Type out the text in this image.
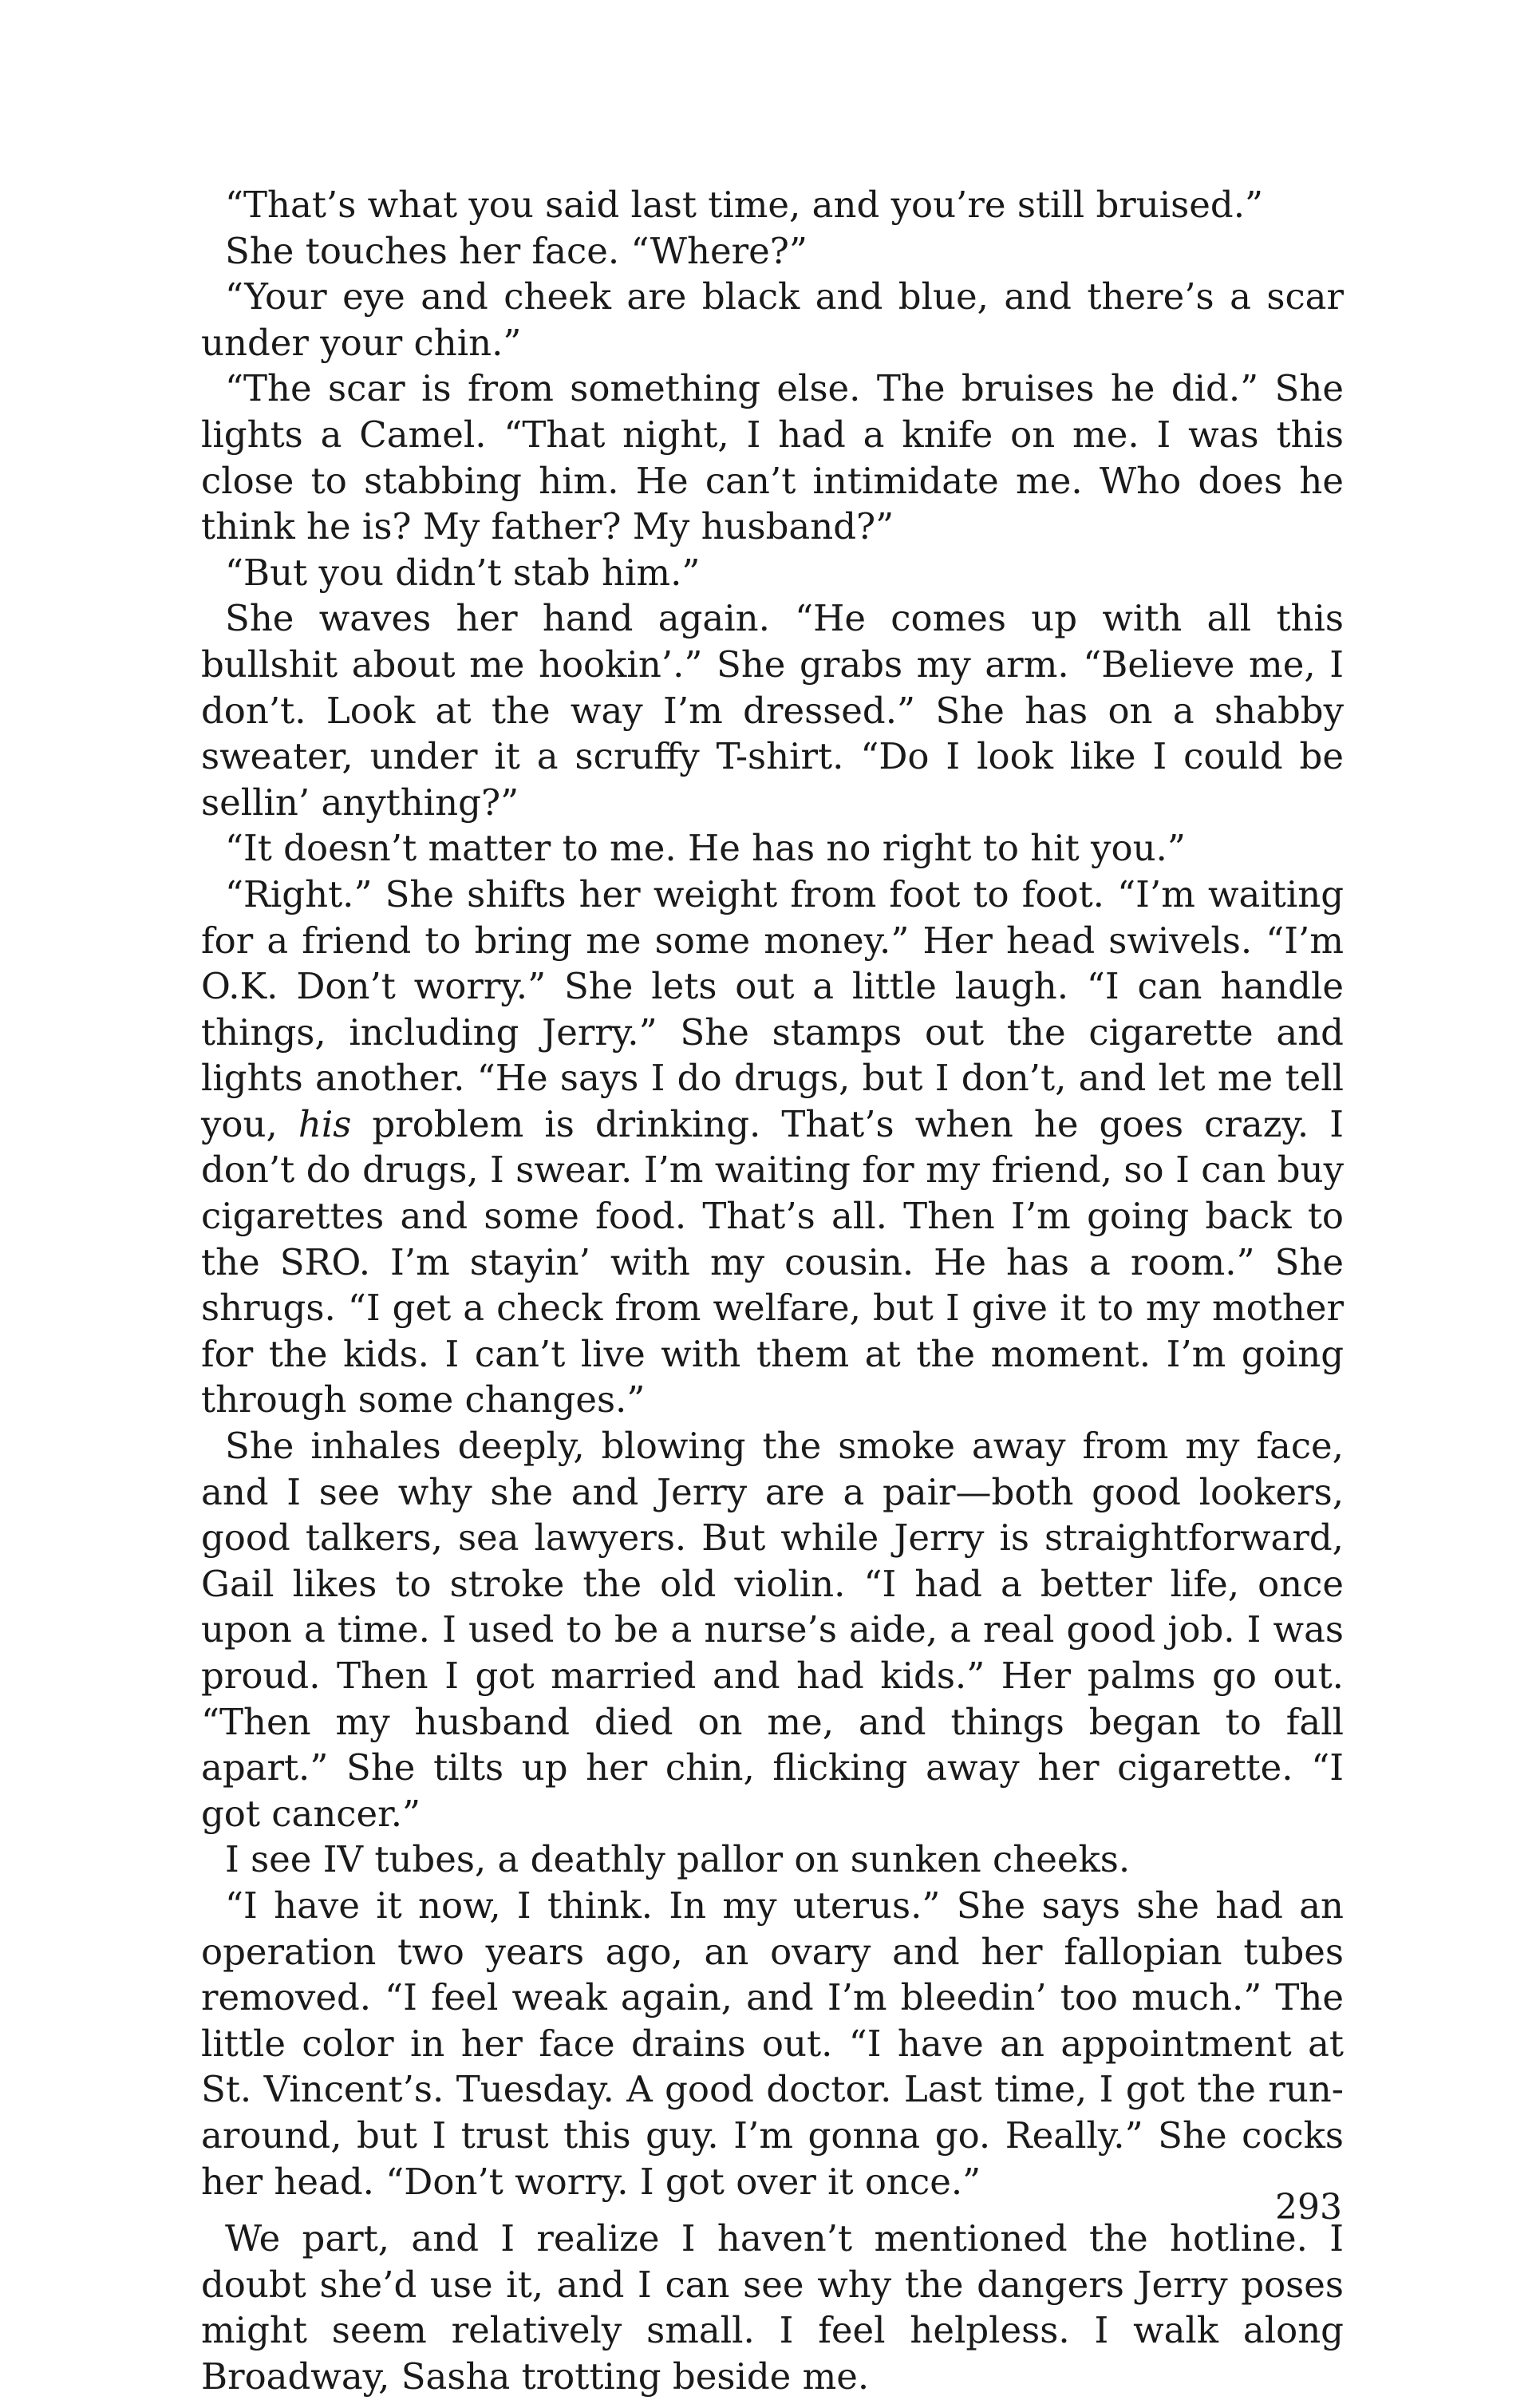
“That’s what you said last time, and you’re still bruised.”

She touches her face. “Where?”

“Your eye and cheek are black and blue, and there’s a scar under your chin.”

“The scar is from something else. The bruises he did.” She lights a Camel. “That night, I had a knife on me. I was this close to stabbing him. He can’t intimidate me. Who does he think he is? My father? My husband?”

“But you didn’t stab him.”

She waves her hand again. “He comes up with all this bullshit about me hookin’.” She grabs my arm. “Believe me, I don’t. Look at the way I’m dressed.” She has on a shabby sweater, under it a scruffy T-shirt. “Do I look like I could be sellin’ anything?”

“It doesn’t matter to me. He has no right to hit you.”

“Right.” She shifts her weight from foot to foot. “I’m waiting for a friend to bring me some money.” Her head swivels. “I’m O.K. Don’t worry.” She lets out a little laugh. “I can handle things, including Jerry.” She stamps out the cigarette and lights another. “He says I do drugs, but I don’t, and let me tell you, his problem is drinking. That’s when he goes crazy. I don’t do drugs, I swear. I’m waiting for my friend, so I can buy cigarettes and some food. That’s all. Then I’m going back to the SRO. I’m stayin’ with my cousin. He has a room.” She shrugs. “I get a check from welfare, but I give it to my mother for the kids. I can’t live with them at the moment. I’m going through some changes.”

She inhales deeply, blowing the smoke away from my face, and I see why she and Jerry are a pair—both good lookers, good talkers, sea lawyers. But while Jerry is straightforward, Gail likes to stroke the old violin. “I had a better life, once upon a time. I used to be a nurse’s aide, a real good job. I was proud. Then I got married and had kids.” Her palms go out. “Then my husband died on me, and things began to fall apart.” She tilts up her chin, flicking away her cigarette. “I got cancer.”

I see IV tubes, a deathly pallor on sunken cheeks.

“I have it now, I think. In my uterus.” She says she had an operation two years ago, an ovary and her fallopian tubes removed. “I feel weak again, and I’m bleedin’ too much.” The little color in her face drains out. “I have an appointment at St. Vincent’s. Tuesday. A good doctor. Last time, I got the run-around, but I trust this guy. I’m gonna go. Really.” She cocks her head. “Don’t worry. I got over it once.”

We part, and I realize I haven’t mentioned the hotline. I doubt she’d use it, and I can see why the dangers Jerry poses might seem relatively small. I feel helpless. I walk along Broadway, Sasha trotting beside me.

293
